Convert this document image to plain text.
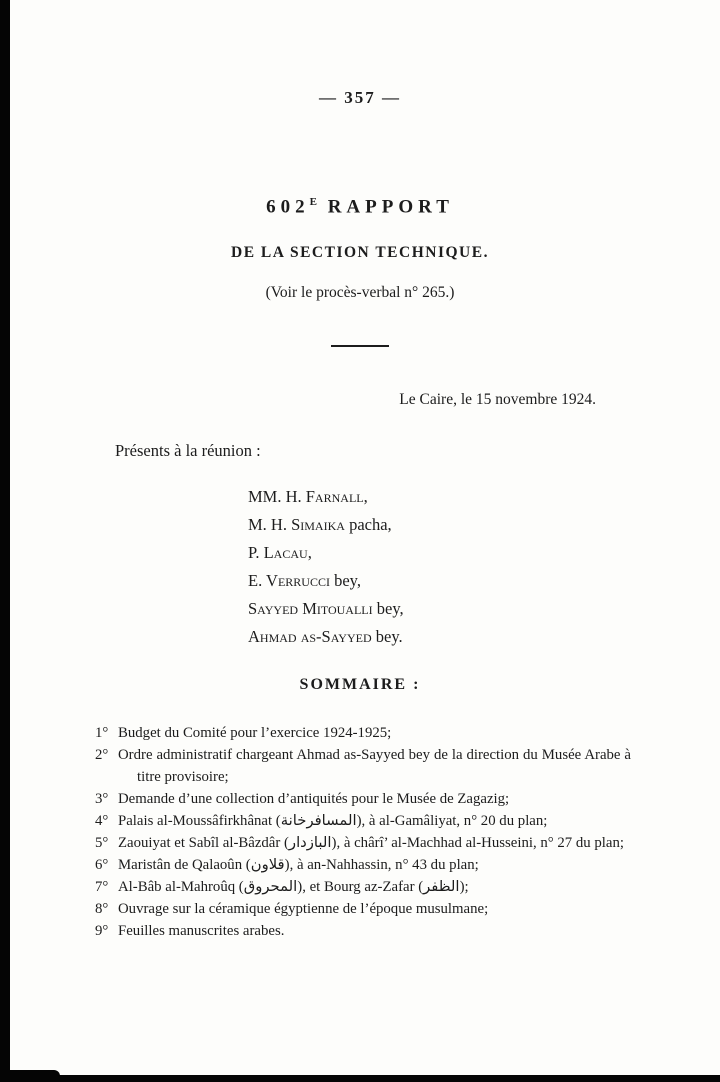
— 357 —
$602^E$ RAPPORT
DE LA SECTION TECHNIQUE.
(Voir le procès-verbal n° 265.)
Le Caire, le 15 novembre 1924.
Présents à la réunion :
MM. H. Farnall,
M. H. Simaika pacha,
P. Lacau,
E. Verrucci bey,
Sayyed Mitoualli bey,
Ahmad as-Sayyed bey.
SOMMAIRE :
1° Budget du Comité pour l’exercice 1924-1925;
2° Ordre administratif chargeant Ahmad as-Sayyed bey de la direction du Musée Arabe à titre provisoire;
3° Demande d’une collection d’antiquités pour le Musée de Zagazig;
4° Palais al-Moussâfirkhânat (المسافرخانة), à al-Gamâliyat, n° 20 du plan;
5° Zaouiyat et Sabîl al-Bâzdâr (البازدار), à chârî’ al-Machhad al-Husseini, n° 27 du plan;
6° Maristân de Qalaoûn (قلاون), à an-Nahhassin, n° 43 du plan;
7° Al-Bâb al-Mahroûq (المحروق), et Bourg az-Zafar (الظفر);
8° Ouvrage sur la céramique égyptienne de l’époque musulmane;
9° Feuilles manuscrites arabes.
